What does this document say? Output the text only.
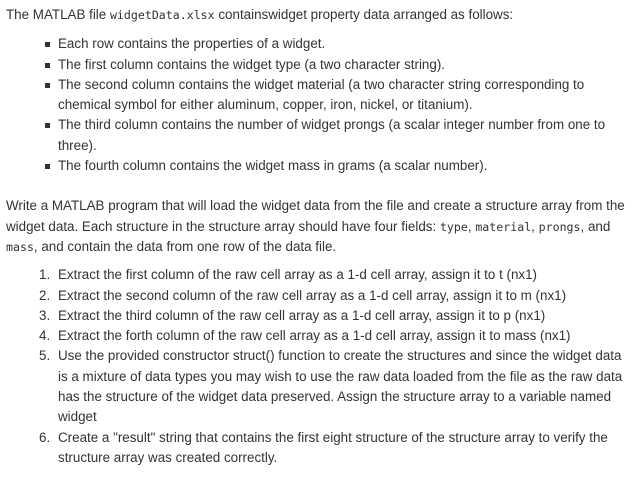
The MATLAB file widgetData.xlsx containswidget property data arranged as follows:

Each row contains the properties of a widget.
The first column contains the widget type (a two character string).
The second column contains the widget material (a two character string corresponding to chemical symbol for either aluminum, copper, iron, nickel, or titanium).
The third column contains the number of widget prongs (a scalar integer number from one to three).
The fourth column contains the widget mass in grams (a scalar number).

Write a MATLAB program that will load the widget data from the file and create a structure array from the widget data. Each structure in the structure array should have four fields: type, material, prongs, and mass, and contain the data from one row of the data file.

1. Extract the first column of the raw cell array as a 1-d cell array, assign it to t (nx1)
2. Extract the second column of the raw cell array as a 1-d cell array, assign it to m (nx1)
3. Extract the third column of the raw cell array as a 1-d cell array, assign it to p (nx1)
4. Extract the forth column of the raw cell array as a 1-d cell array, assign it to mass (nx1)
5. Use the provided constructor struct() function to create the structures and since the widget data is a mixture of data types you may wish to use the raw data loaded from the file as the raw data has the structure of the widget data preserved. Assign the structure array to a variable named widget
6. Create a "result" string that contains the first eight structure of the structure array to verify the structure array was created correctly.
